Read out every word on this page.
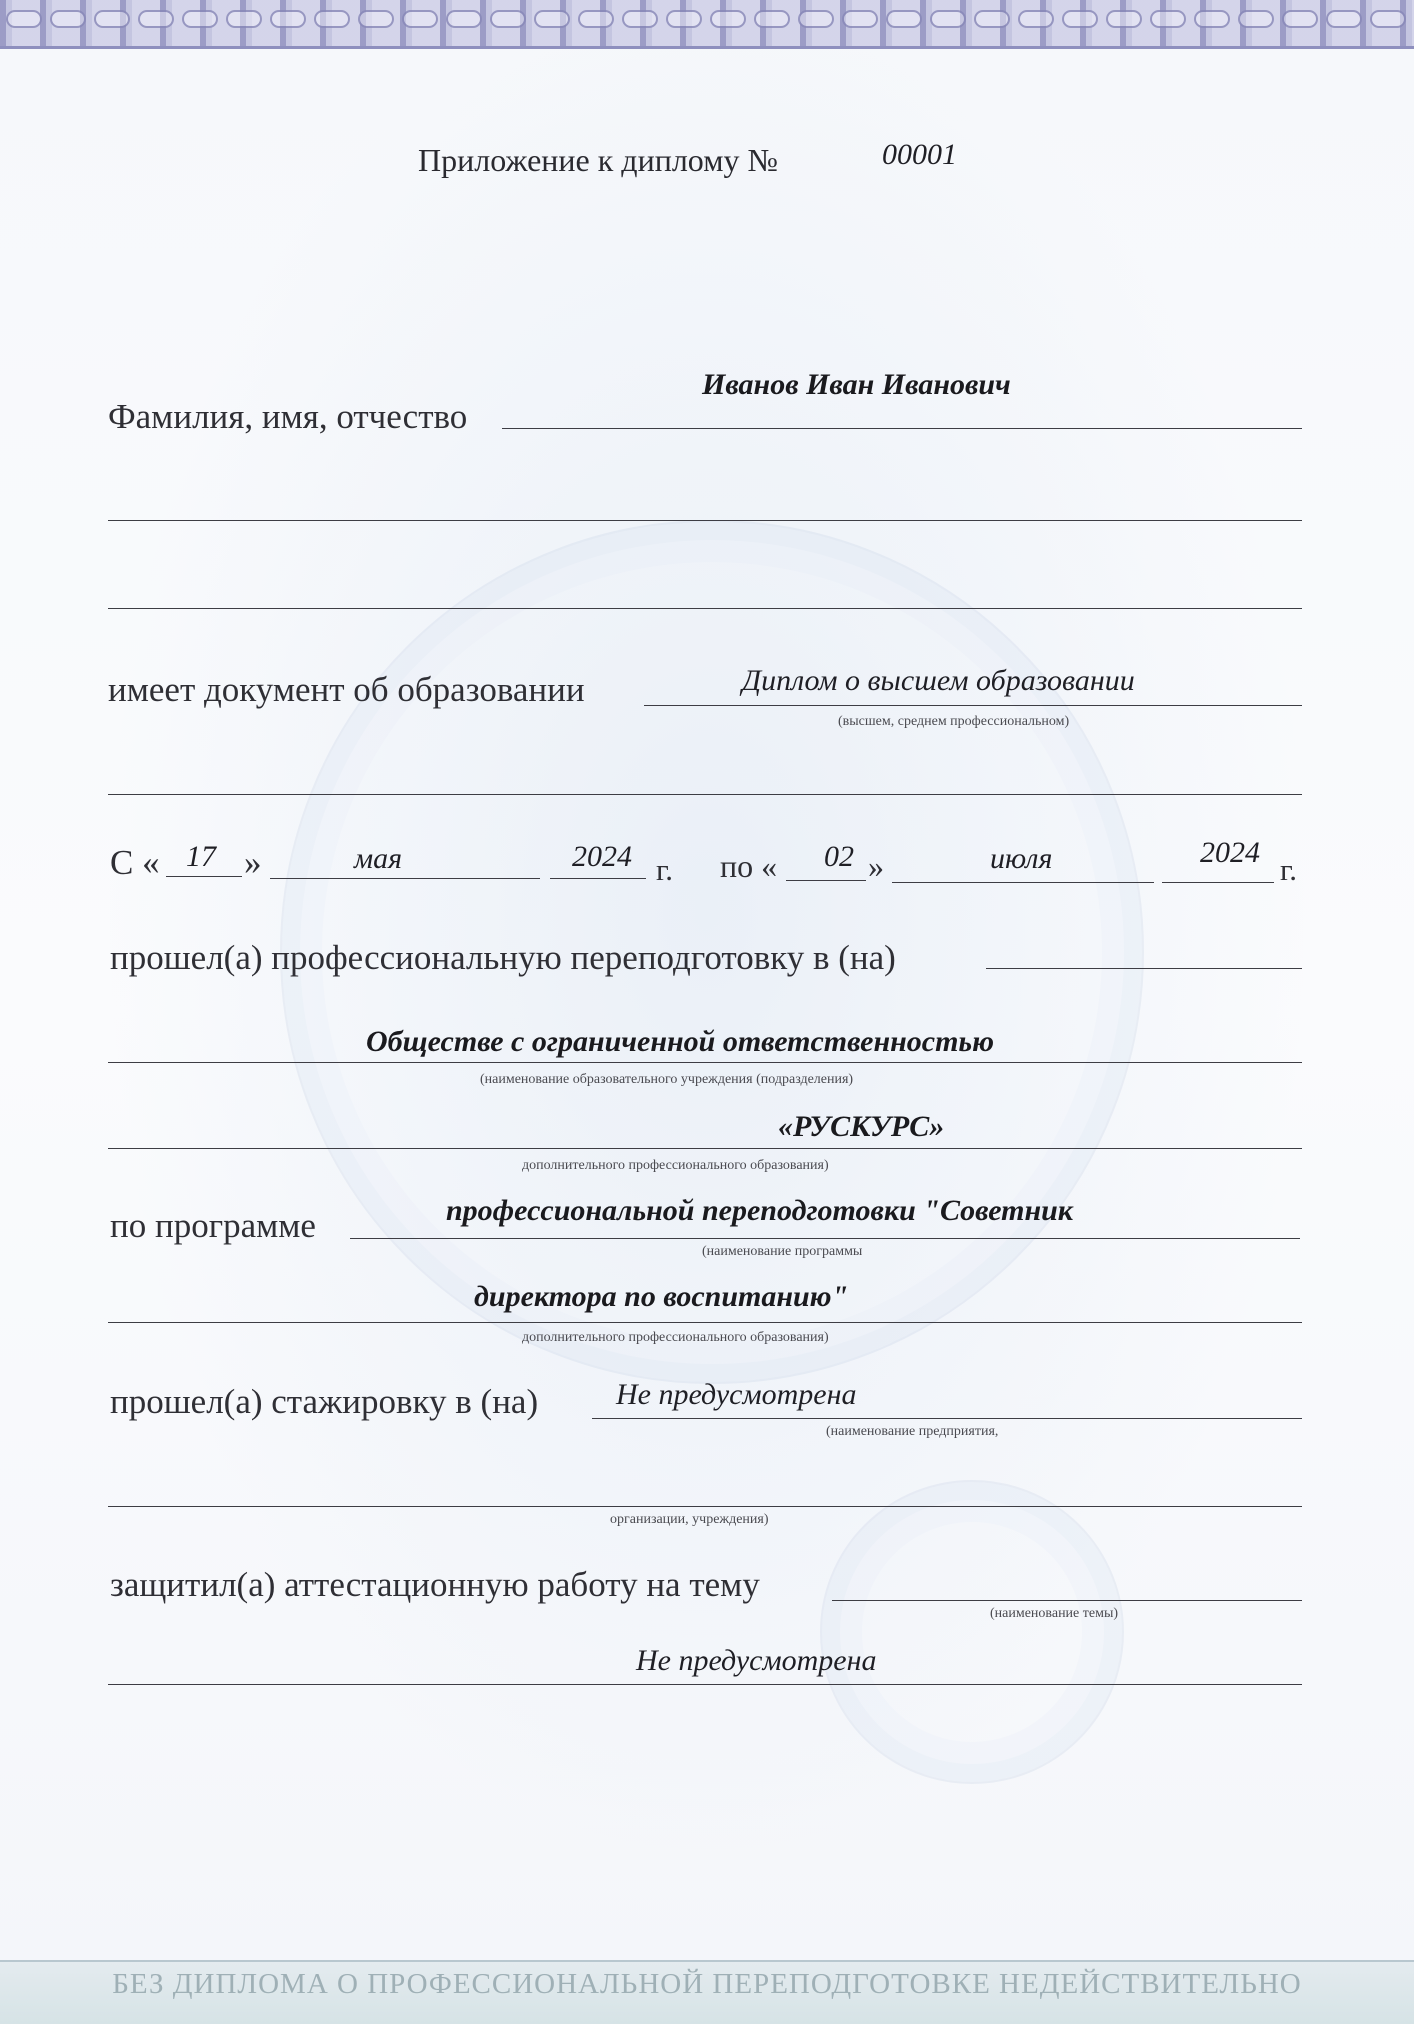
Приложение к диплому №	00001
Иванов Иван Иванович
Фамилия, имя, отчество
имеет документ об образовании	Диплом о высшем образовании
(высшем, среднем профессиональном)
С « 17 »	мая	2024 г. по « 02 »	июля	2024 г.
прошел(а) профессиональную переподготовку в (на)
Обществе с ограниченной ответственностью
(наименование образовательного учреждения (подразделения)
«РУСКУРС»
дополнительного профессионального образования)
по программе	профессиональной переподготовки "Советник
(наименование программы
директора по воспитанию"
дополнительного профессионального образования)
прошел(а) стажировку в (на)	Не предусмотрена
(наименование предприятия,
организации, учреждения)
защитил(а) аттестационную работу на тему
(наименование темы)
Не предусмотрена
БЕЗ ДИПЛОМА О ПРОФЕССИОНАЛЬНОЙ ПЕРЕПОДГОТОВКЕ НЕДЕЙСТВИТЕЛЬНО
